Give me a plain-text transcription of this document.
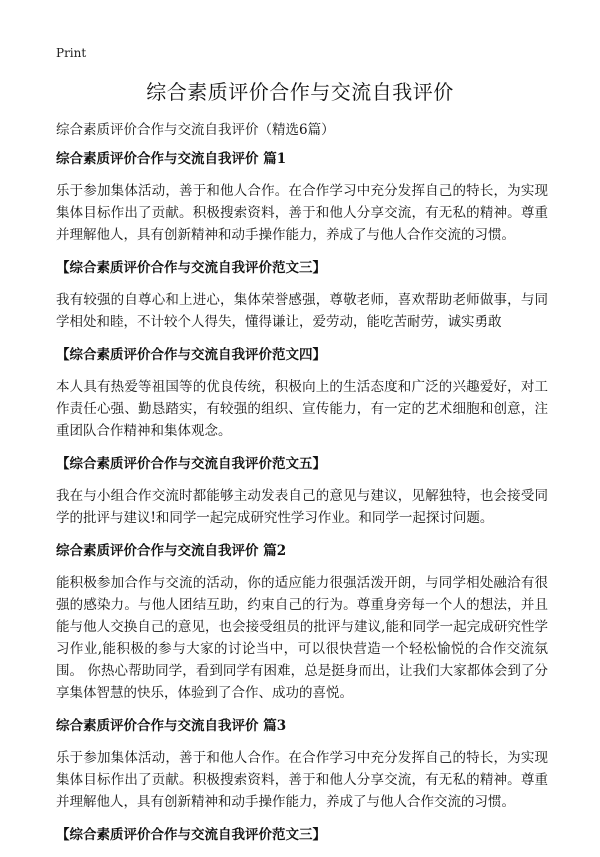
Print
综合素质评价合作与交流自我评价

综合素质评价合作与交流自我评价（精选6篇）

综合素质评价合作与交流自我评价 篇1

乐于参加集体活动，善于和他人合作。在合作学习中充分发挥自己的特长，为实现集体目标作出了贡献。积极搜索资料，善于和他人分享交流，有无私的精神。尊重并理解他人，具有创新精神和动手操作能力，养成了与他人合作交流的习惯。

【综合素质评价合作与交流自我评价范文三】

我有较强的自尊心和上进心，集体荣誉感强，尊敬老师，喜欢帮助老师做事，与同学相处和睦，不计较个人得失，懂得谦让，爱劳动，能吃苦耐劳，诚实勇敢

【综合素质评价合作与交流自我评价范文四】

本人具有热爱等祖国等的优良传统，积极向上的生活态度和广泛的兴趣爱好，对工作责任心强、勤恳踏实，有较强的组织、宣传能力，有一定的艺术细胞和创意，注重团队合作精神和集体观念。

【综合素质评价合作与交流自我评价范文五】

我在与小组合作交流时都能够主动发表自己的意见与建议，见解独特，也会接受同学的批评与建议!和同学一起完成研究性学习作业。和同学一起探讨问题。

综合素质评价合作与交流自我评价 篇2

能积极参加合作与交流的活动，你的适应能力很强活泼开朗，与同学相处融洽有很强的感染力。与他人团结互助，约束自己的行为。尊重身旁每一个人的想法，并且能与他人交换自己的意见，也会接受组员的批评与建议,能和同学一起完成研究性学习作业,能积极的参与大家的讨论当中，可以很快营造一个轻松愉悦的合作交流氛围。 你热心帮助同学，看到同学有困难，总是挺身而出，让我们大家都体会到了分享集体智慧的快乐，体验到了合作、成功的喜悦。

综合素质评价合作与交流自我评价 篇3

乐于参加集体活动，善于和他人合作。在合作学习中充分发挥自己的特长，为实现集体目标作出了贡献。积极搜索资料，善于和他人分享交流，有无私的精神。尊重并理解他人，具有创新精神和动手操作能力，养成了与他人合作交流的习惯。

【综合素质评价合作与交流自我评价范文三】
